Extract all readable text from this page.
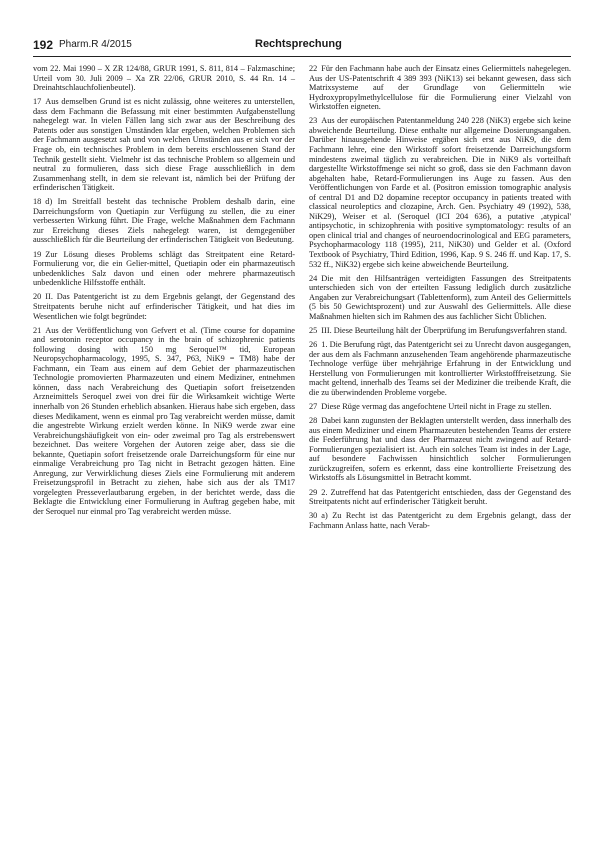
192 Pharm.R 4/2015	Rechtsprechung

vom 22. Mai 1990 – X ZR 124/88, GRUR 1991, S. 811, 814 – Falzmaschine; Urteil vom 30. Juli 2009 – Xa ZR 22/06, GRUR 2010, S. 44 Rn. 14 – Dreinahtschlauchfolienbeutel).

17 Aus demselben Grund ist es nicht zulässig, ohne weiteres zu unterstellen, dass dem Fachmann die Befassung mit einer bestimmten Aufgabenstellung nahegelegt war. In vielen Fällen lang sich zwar aus der Beschreibung des Patents oder aus sonstigen Umständen klar ergeben, welchen Problemen sich der Fachmann ausgesetzt sah und von welchen Umständen aus er sich vor der Frage ob, ein technisches Problem in dem bereits erschlossenen Stand der Technik gestellt sieht. Vielmehr ist das technische Problem so allgemein und neutral zu formulieren, dass sich diese Frage ausschließlich in dem Zusammenhang stellt, in dem sie relevant ist, nämlich bei der Prüfung der erfinderischen Tätigkeit.

18 d) Im Streitfall besteht das technische Problem deshalb darin, eine Darreichungsform von Quetiapin zur Verfügung zu stellen, die zu einer verbesserten Wirkung führt. Die Frage, welche Maßnahmen dem Fachmann zur Erreichung dieses Ziels nahegelegt waren, ist demgegenüber ausschließlich für die Beurteilung der erfinderischen Tätigkeit von Bedeutung.

19 Zur Lösung dieses Problems schlägt das Streitpatent eine Retard-Formulierung vor, die ein Gelier-mittel, Quetiapin oder ein pharmazeutisch unbedenkliches Salz davon und einen oder mehrere pharmazeutisch unbedenkliche Hilfsstoffe enthält.

20 II. Das Patentgericht ist zu dem Ergebnis gelangt, der Gegenstand des Streitpatents beruhe nicht auf erfinderischer Tätigkeit, und hat dies im Wesentlichen wie folgt begründet:

21 Aus der Veröffentlichung von Gefvert et al. (Time course for dopamine and serotonin receptor occupancy in the brain of schizophrenic patients following dosing with 150 mg Seroquel™ tid, European Neuropsychopharmacology, 1995, S. 347, P63, NiK9 = TM8) habe der Fachmann, ein Team aus einem auf dem Gebiet der pharmazeutischen Technologie promovierten Pharmazeuten und einem Mediziner, entnehmen können, dass nach Verabreichung des Quetiapin sofort freisetzenden Arzneimittels Seroquel zwei von drei für die Wirksamkeit wichtige Werte innerhalb von 26 Stunden erheblich absanken. Hieraus habe sich ergeben, dass dieses Medikament, wenn es einmal pro Tag verabreicht werden müsse, damit die angestrebte Wirkung erzielt werden könne. In NiK9 werde zwar eine Verabreichungshäufigkeit von ein- oder zweimal pro Tag als erstrebenswert bezeichnet. Das weitere Vorgehen der Autoren zeige aber, dass sie die bekannte, Quetiapin sofort freisetzende orale Darreichungsform für eine nur einmalige Verabreichung pro Tag nicht in Betracht gezogen hätten. Eine Anregung, zur Verwirklichung dieses Ziels eine Formulierung mit anderem Freisetzungsprofil in Betracht zu ziehen, habe sich aus der als TM17 vorgelegten Presseverlautbarung ergeben, in der berichtet werde, dass die Beklagte die Entwicklung einer Formulierung in Auftrag gegeben habe, mit der Seroquel nur einmal pro Tag verabreicht werden müsse.

22 Für den Fachmann habe auch der Einsatz eines Geliermittels nahegelegen. Aus der US-Patentschrift 4 389 393 (NiK13) sei bekannt gewesen, dass sich Matrixsysteme auf der Grundlage von Geliermitteln wie Hydroxypropylmethylcellulose für die Formulierung einer Vielzahl von Wirkstoffen eigneten.

23 Aus der europäischen Patentanmeldung 240 228 (NiK3) ergebe sich keine abweichende Beurteilung. Diese enthalte nur allgemeine Dosierungsangaben. Darüber hinausgehende Hinweise ergäben sich erst aus NiK9, die dem Fachmann lehre, eine den Wirkstoff sofort freisetzende Darreichungsform mindestens zweimal täglich zu verabreichen. Die in NiK9 als vorteilhaft dargestellte Wirkstoffmenge sei nicht so groß, dass sie den Fachmann davon abgehalten habe, Retard-Formulierungen ins Auge zu fassen. Aus den Veröffentlichungen von Farde et al. (Positron emission tomographic analysis of central D1 and D2 dopamine receptor occupancy in patients treated with classical neuroleptics and clozapine, Arch. Gen. Psychiatry 49 (1992), 538, NiK29), Weiser et al. (Seroquel (ICI 204 636), a putative ‚atypical' antipsychotic, in schizophrenia with positive symptomatology: results of an open clinical trial and changes of neuroendocrinological and EEG parameters, Psychopharmacology 118 (1995), 211, NiK30) und Gelder et al. (Oxford Textbook of Psychiatry, Third Edition, 1996, Kap. 9 S. 246 ff. und Kap. 17, S. 532 ff., NiK32) ergebe sich keine abweichende Beurteilung.

24 Die mit den Hilfsanträgen verteidigten Fassungen des Streitpatents unterschieden sich von der erteilten Fassung lediglich durch zusätzliche Angaben zur Verabreichungsart (Tablettenform), zum Anteil des Geliermittels (5 bis 50 Gewichtsprozent) und zur Auswahl des Geliermittels. Alle diese Maßnahmen hielten sich im Rahmen des aus fachlicher Sicht Üblichen.

25 III. Diese Beurteilung hält der Überprüfung im Berufungsverfahren stand.

26 1. Die Berufung rügt, das Patentgericht sei zu Unrecht davon ausgegangen, der aus dem als Fachmann anzusehenden Team angehörende pharmazeutische Technologe verfüge über mehrjährige Erfahrung in der Entwicklung und Herstellung von Formulierungen mit kontrollierter Wirkstofffreisetzung. Sie macht geltend, innerhalb des Teams sei der Mediziner die treibende Kraft, die die zu überwindenden Probleme vorgebe.

27 Diese Rüge vermag das angefochtene Urteil nicht in Frage zu stellen.

28 Dabei kann zugunsten der Beklagten unterstellt werden, dass innerhalb des aus einem Mediziner und einem Pharmazeuten bestehenden Teams der erstere die Federführung hat und dass der Pharmazeut nicht zwingend auf Retard-Formulierungen spezialisiert ist. Auch ein solches Team ist indes in der Lage, auf besondere Fachwissen hinsichtlich solcher Formulierungen zurückzugreifen, sofern es erkennt, dass eine kontrollierte Freisetzung des Wirkstoffs als Lösungsmittel in Betracht kommt.

29 2. Zutreffend hat das Patentgericht entschieden, dass der Gegenstand des Streitpatents nicht auf erfinderischer Tätigkeit beruht.

30 a) Zu Recht ist das Patentgericht zu dem Ergebnis gelangt, dass der Fachmann Anlass hatte, nach Verab-
